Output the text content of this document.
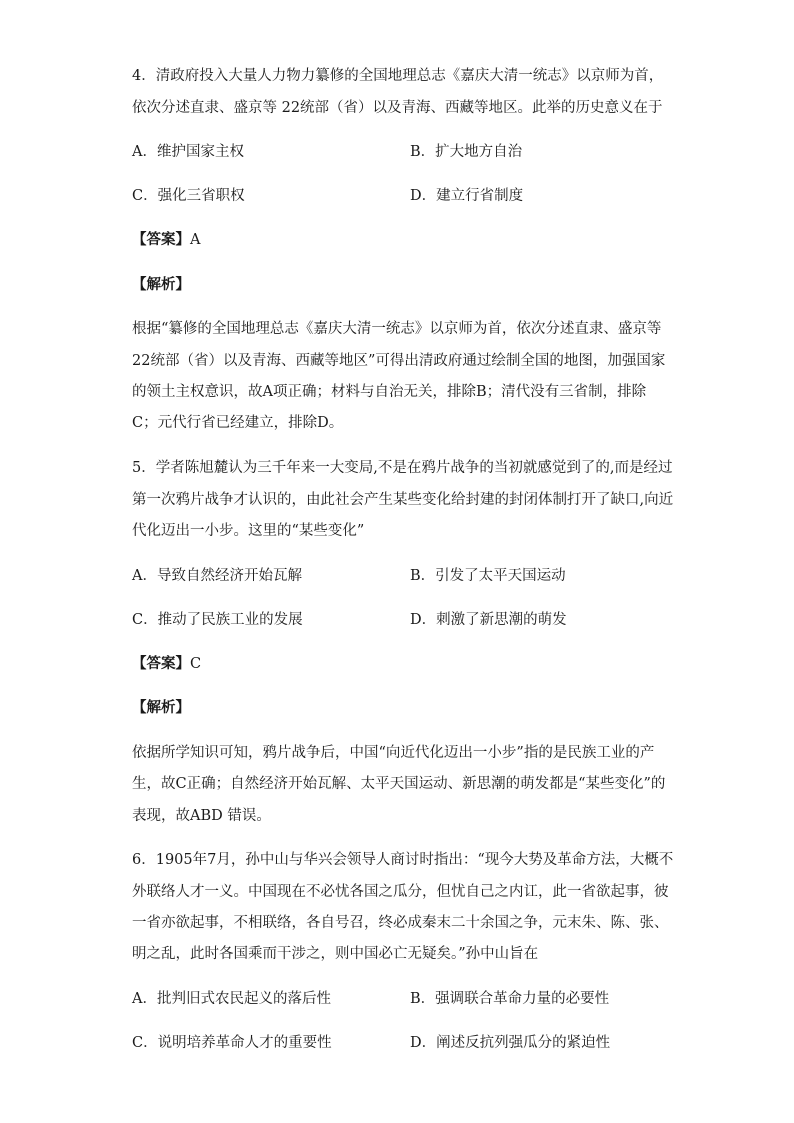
4．清政府投入大量人力物力纂修的全国地理总志《嘉庆大清一统志》以京师为首，
依次分述直隶、盛京等 22统部（省）以及青海、西藏等地区。此举的历史意义在于
A．维护国家主权	B．扩大地方自治
C．强化三省职权	D．建立行省制度
【答案】A
【解析】
根据“纂修的全国地理总志《嘉庆大清一统志》以京师为首，依次分述直隶、盛京等
22统部（省）以及青海、西藏等地区”可得出清政府通过绘制全国的地图，加强国家
的领土主权意识，故A项正确；材料与自治无关，排除B；清代没有三省制，排除
C；元代行省已经建立，排除D。
5．学者陈旭麓认为三千年来一大变局,不是在鸦片战争的当初就感觉到了的,而是经过
第一次鸦片战争才认识的，由此社会产生某些变化给封建的封闭体制打开了缺口,向近
代化迈出一小步。这里的“某些变化”
A．导致自然经济开始瓦解	B．引发了太平天国运动
C．推动了民族工业的发展	D．刺激了新思潮的萌发
【答案】C
【解析】
依据所学知识可知，鸦片战争后，中国“向近代化迈出一小步”指的是民族工业的产
生，故C正确；自然经济开始瓦解、太平天国运动、新思潮的萌发都是“某些变化”的
表现，故ABD 错误。
6．1905年7月，孙中山与华兴会领导人商讨时指出：“现今大势及革命方法，大概不
外联络人才一义。中国现在不必忧各国之瓜分，但忧自己之内讧，此一省欲起事，彼
一省亦欲起事，不相联络，各自号召，终必成秦末二十余国之争，元末朱、陈、张、
明之乱，此时各国乘而干涉之，则中国必亡无疑矣。”孙中山旨在
A．批判旧式农民起义的落后性	B．强调联合革命力量的必要性
C．说明培养革命人才的重要性	D．阐述反抗列强瓜分的紧迫性
